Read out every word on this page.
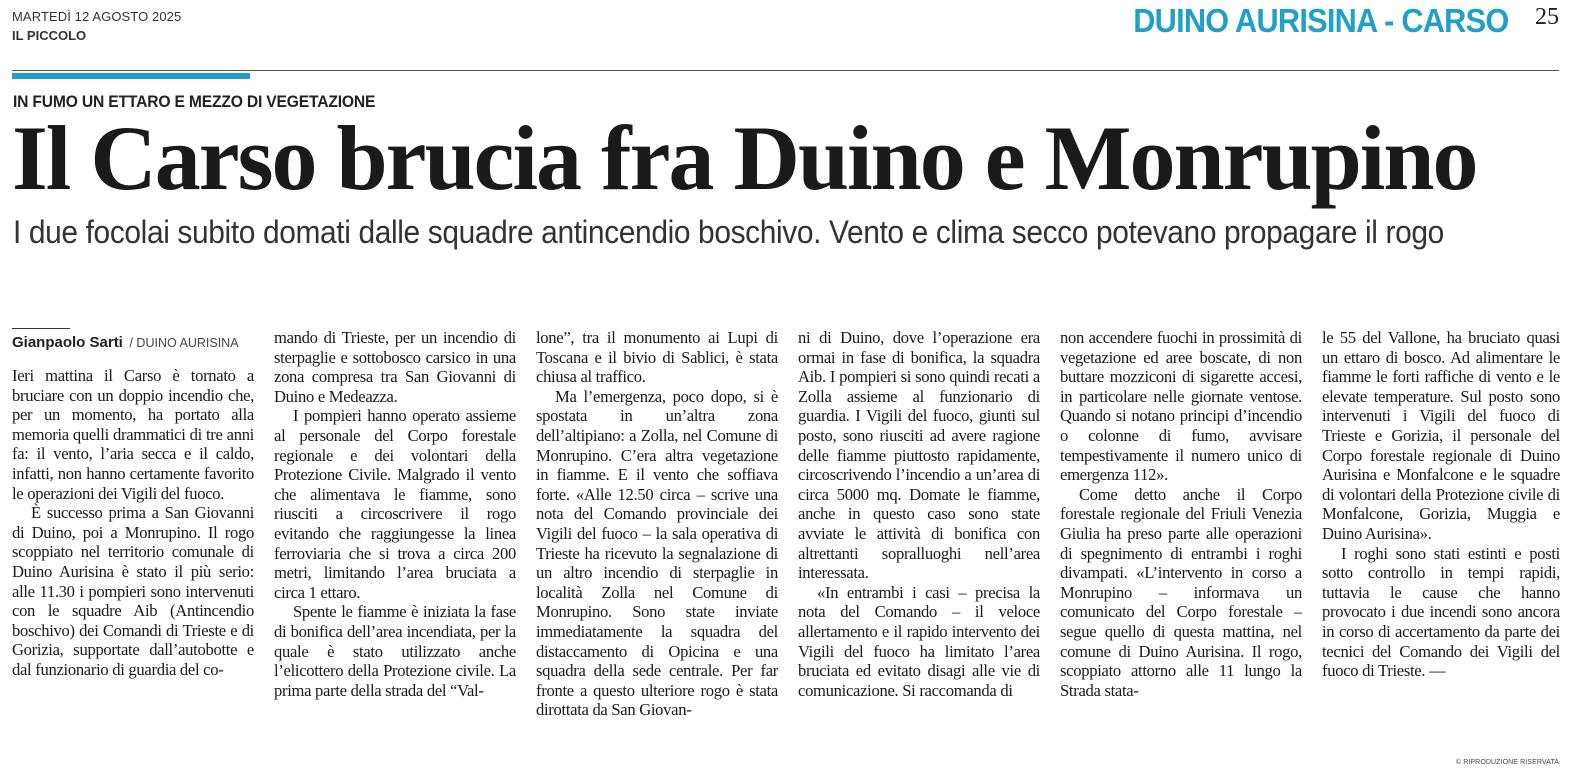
MARTEDÌ 12 AGOSTO 2025
IL PICCOLO	DUINO AURISINA - CARSO 25
IN FUMO UN ETTARO E MEZZO DI VEGETAZIONE
Il Carso brucia fra Duino e Monrupino
I due focolai subito domati dalle squadre antincendio boschivo. Vento e clima secco potevano propagare il rogo
Gianpaolo Sarti $_{/ DUINO AURISINA}$

Ieri mattina il Carso è tornato a bruciare con un doppio incendio che, per un momento, ha portato alla memoria quelli drammatici di tre anni fa: il vento, l’aria secca e il caldo, infatti, non hanno certamente favorito le operazioni dei Vigili del fuoco.

È successo prima a San Giovanni di Duino, poi a Monrupino. Il rogo scoppiato nel territorio comunale di Duino Aurisina è stato il più serio: alle 11.30 i pompieri sono intervenuti con le squadre Aib (Antincendio boschivo) dei Comandi di Trieste e di Gorizia, supportate dall’autobotte e dal funzionario di guardia del co-

mando di Trieste, per un incendio di sterpaglie e sottobosco carsico in una zona compresa tra San Giovanni di Duino e Medeazza.

I pompieri hanno operato assieme al personale del Corpo forestale regionale e dei volontari della Protezione Civile. Malgrado il vento che alimentava le fiamme, sono riusciti a circoscrivere il rogo evitando che raggiungesse la linea ferroviaria che si trova a circa 200 metri, limitando l’area bruciata a circa 1 ettaro.

Spente le fiamme è iniziata la fase di bonifica dell’area incendiata, per la quale è stato utilizzato anche l’elicottero della Protezione civile. La prima parte della strada del “Val-

lone”, tra il monumento ai Lupi di Toscana e il bivio di Sablici, è stata chiusa al traffico.

Ma l’emergenza, poco dopo, si è spostata in un’altra zona dell’altipiano: a Zolla, nel Comune di Monrupino. C’era altra vegetazione in fiamme. E il vento che soffiava forte. «Alle 12.50 circa – scrive una nota del Comando provinciale dei Vigili del fuoco – la sala operativa di Trieste ha ricevuto la segnalazione di un altro incendio di sterpaglie in località Zolla nel Comune di Monrupino. Sono state inviate immediatamente la squadra del distaccamento di Opicina e una squadra della sede centrale. Per far fronte a questo ulteriore rogo è stata dirottata da San Giovan-

ni di Duino, dove l’operazione era ormai in fase di bonifica, la squadra Aib. I pompieri si sono quindi recati a Zolla assieme al funzionario di guardia. I Vigili del fuoco, giunti sul posto, sono riusciti ad avere ragione delle fiamme piuttosto rapidamente, circoscrivendo l’incendio a un’area di circa 5000 mq. Domate le fiamme, anche in questo caso sono state avviate le attività di bonifica con altrettanti sopralluoghi nell’area interessata.

«In entrambi i casi – precisa la nota del Comando – il veloce allertamento e il rapido intervento dei Vigili del fuoco ha limitato l’area bruciata ed evitato disagi alle vie di comunicazione. Si raccomanda di

non accendere fuochi in prossimità di vegetazione ed aree boscate, di non buttare mozziconi di sigarette accesi, in particolare nelle giornate ventose. Quando si notano principi d’incendio o colonne di fumo, avvisare tempestivamente il numero unico di emergenza 112».

Come detto anche il Corpo forestale regionale del Friuli Venezia Giulia ha preso parte alle operazioni di spegnimento di entrambi i roghi divampati. «L’intervento in corso a Monrupino – informava un comunicato del Corpo forestale – segue quello di questa mattina, nel comune di Duino Aurisina. Il rogo, scoppiato attorno alle 11 lungo la Strada stata-

le 55 del Vallone, ha bruciato quasi un ettaro di bosco. Ad alimentare le fiamme le forti raffiche di vento e le elevate temperature. Sul posto sono intervenuti i Vigili del fuoco di Trieste e Gorizia, il personale del Corpo forestale regionale di Duino Aurisina e Monfalcone e le squadre di volontari della Protezione civile di Monfalcone, Gorizia, Muggia e Duino Aurisina».

I roghi sono stati estinti e posti sotto controllo in tempi rapidi, tuttavia le cause che hanno provocato i due incendi sono ancora in corso di accertamento da parte dei tecnici del Comando dei Vigili del fuoco di Trieste. —

© RIPRODUZIONE RISERVATA
